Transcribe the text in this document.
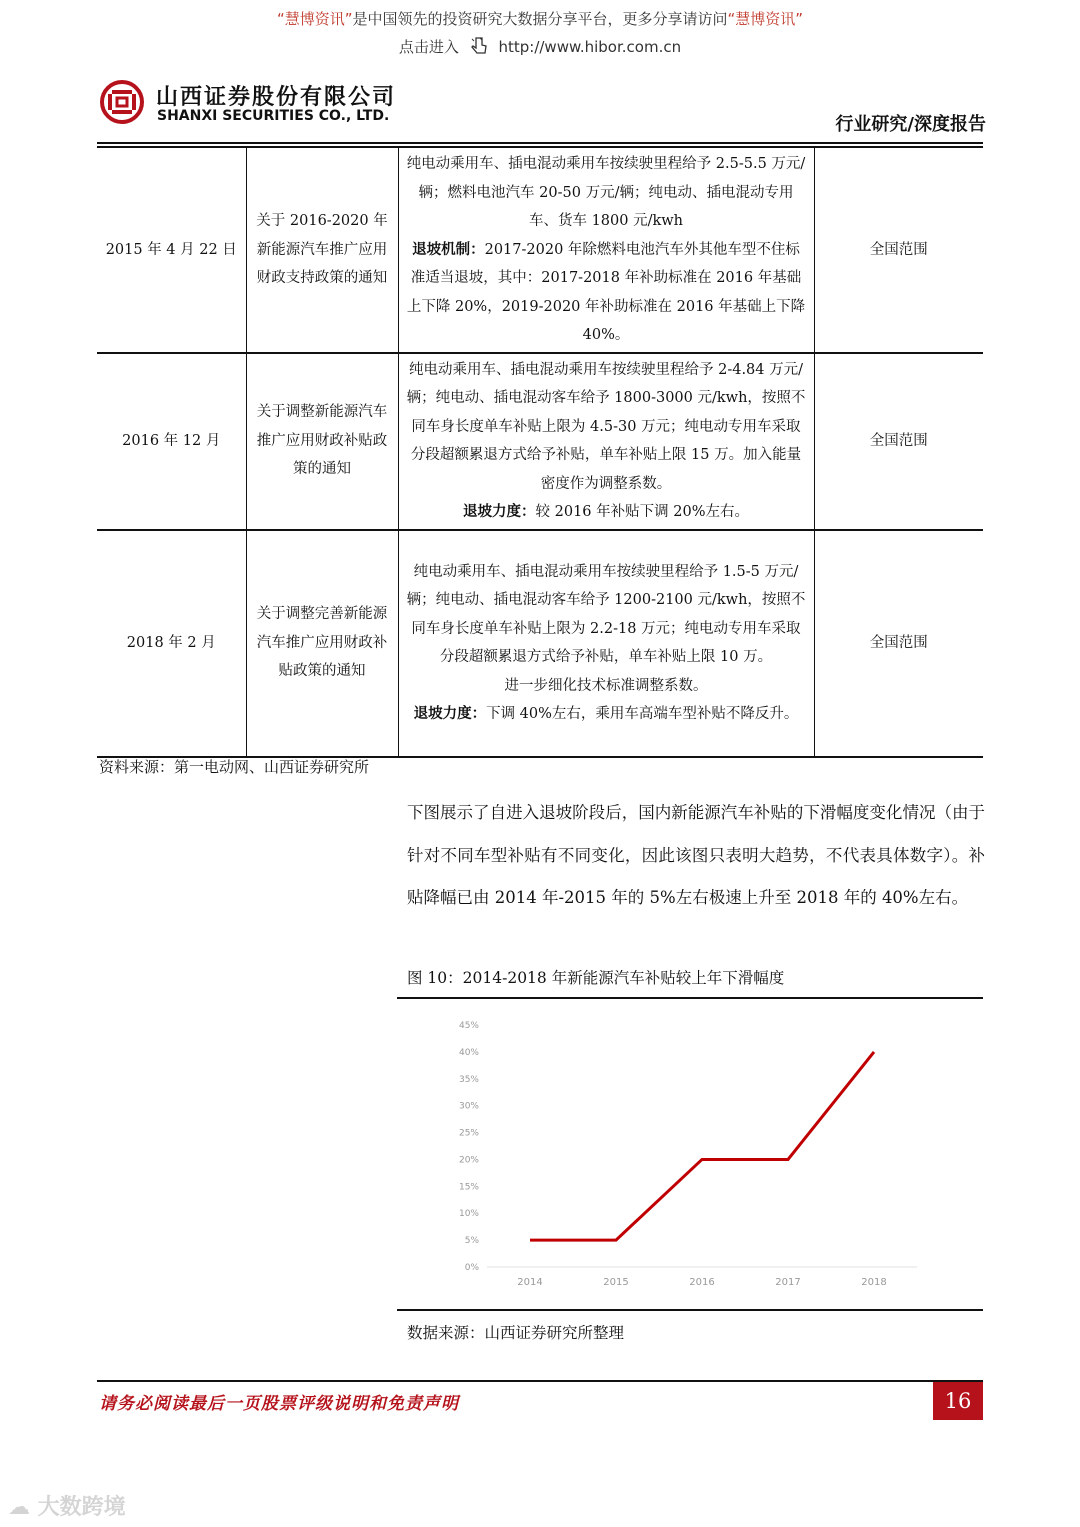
“慧博资讯”是中国领先的投资研究大数据分享平台，更多分享请访问“慧博资讯”
点击进入	http://www.hibor.com.cn
山西证券股份有限公司
SHANXI SECURITIES CO., LTD.	行业研究/深度报告
2015 年 4 月 22 日	关于 2016-2020 年新能源汽车推广应用财政支持政策的通知	纯电动乘用车、插电混动乘用车按续驶里程给予 2.5-5.5 万元/辆；燃料电池汽车 20-50 万元/辆；纯电动、插电混动专用车、货车 1800 元/kwh
退坡机制：2017-2020 年除燃料电池汽车外其他车型不住标准适当退坡，其中：2017-2018 年补助标准在 2016 年基础上下降 20%，2019-2020 年补助标准在 2016 年基础上下降 40%。	全国范围
2016 年 12 月	关于调整新能源汽车推广应用财政补贴政策的通知	纯电动乘用车、插电混动乘用车按续驶里程给予 2-4.84 万元/辆；纯电动、插电混动客车给予 1800-3000 元/kwh，按照不同车身长度单车补贴上限为 4.5-30 万元；纯电动专用车采取分段超额累退方式给予补贴，单车补贴上限 15 万。加入能量密度作为调整系数。
退坡力度：较 2016 年补贴下调 20%左右。	全国范围
2018 年 2 月	关于调整完善新能源汽车推广应用财政补贴政策的通知	纯电动乘用车、插电混动乘用车按续驶里程给予 1.5-5 万元/辆；纯电动、插电混动客车给予 1200-2100 元/kwh，按照不同车身长度单车补贴上限为 2.2-18 万元；纯电动专用车采取分段超额累退方式给予补贴，单车补贴上限 10 万。
进一步细化技术标准调整系数。
退坡力度：下调 40%左右，乘用车高端车型补贴不降反升。	全国范围
资料来源：第一电动网、山西证券研究所
下图展示了自进入退坡阶段后，国内新能源汽车补贴的下滑幅度变化情况（由于针对不同车型补贴有不同变化，因此该图只表明大趋势，不代表具体数字）。补贴降幅已由 2014 年-2015 年的 5%左右极速上升至 2018 年的 40%左右。
图 10：2014-2018 年新能源汽车补贴较上年下滑幅度
0%
5%
10%
15%
20%
25%
30%
35%
40%
45%
2014	2015	2016	2017	2018
数据来源：山西证券研究所整理
请务必阅读最后一页股票评级说明和免责声明	16
☁ 大数跨境
